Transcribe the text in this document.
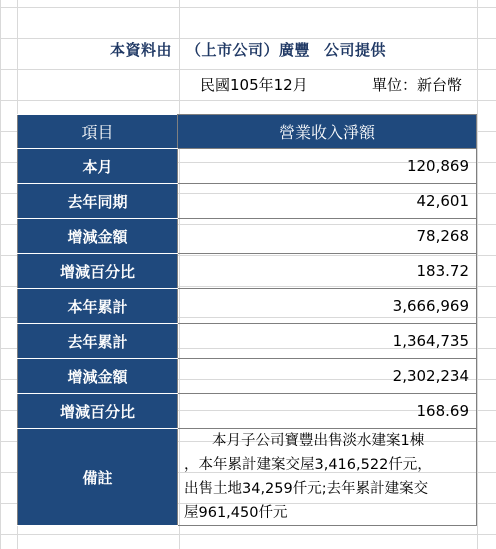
本資料由 （上市公司）廣豐 公司提供
民國105年12月	單位：新台幣
項目	營業收入淨額
本月	120,869
去年同期	42,601
增減金額	78,268
增減百分比	183.72
本年累計	3,666,969
去年累計	1,364,735
增減金額	2,302,234
增減百分比	168.69
備註	本月子公司寶豐出售淡水建案1棟
，本年累計建案交屋3,416,522仟元，
出售土地34,259仟元;去年累計建案交
屋961,450仟元
